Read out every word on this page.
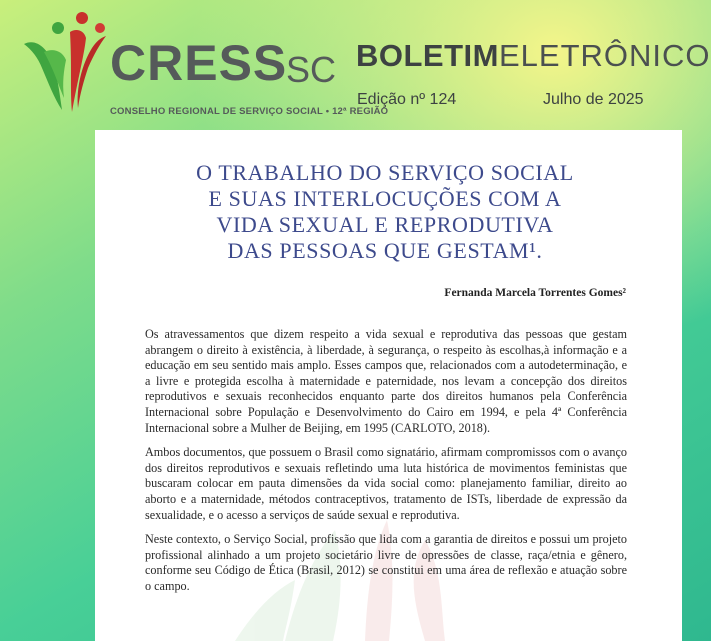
CRESS
SC
CONSELHO REGIONAL DE SERVIÇO SOCIAL • 12ª REGIÃO
BOLETIMELETRÔNICO
Edição nº 124	Julho de 2025
O TRABALHO DO SERVIÇO SOCIAL
E SUAS INTERLOCUÇÕES COM A
VIDA SEXUAL E REPRODUTIVA
DAS PESSOAS QUE GESTAM¹.
Fernanda Marcela Torrentes Gomes²

Os atravessamentos que dizem respeito a vida sexual e reprodutiva das pessoas que gestam abrangem o direito à existência, à liberdade, à segurança, o respeito às escolhas,à informação e a educação em seu sentido mais amplo. Esses campos que, relacionados com a autodeterminação, e a livre e protegida escolha à maternidade e paternidade, nos levam a concepção dos direitos reprodutivos e sexuais reconhecidos enquanto parte dos direitos humanos pela Conferência Internacional sobre População e Desenvolvimento do Cairo em 1994, e pela 4ª Conferência Internacional sobre a Mulher de Beijing, em 1995 (CARLOTO, 2018).

Ambos documentos, que possuem o Brasil como signatário, afirmam compromissos com o avanço dos direitos reprodutivos e sexuais refletindo uma luta histórica de movimentos feministas que buscaram colocar em pauta dimensões da vida social como: planejamento familiar, direito ao aborto e a maternidade, métodos contraceptivos, tratamento de ISTs, liberdade de expressão da sexualidade, e o acesso a serviços de saúde sexual e reprodutiva.

Neste contexto, o Serviço Social, profissão que lida com a garantia de direitos e possui um projeto profissional alinhado a um projeto societário livre de opressões de classe, raça/etnia e gênero, conforme seu Código de Ética (Brasil, 2012) se constitui em uma área de reflexão e atuação sobre o campo.
